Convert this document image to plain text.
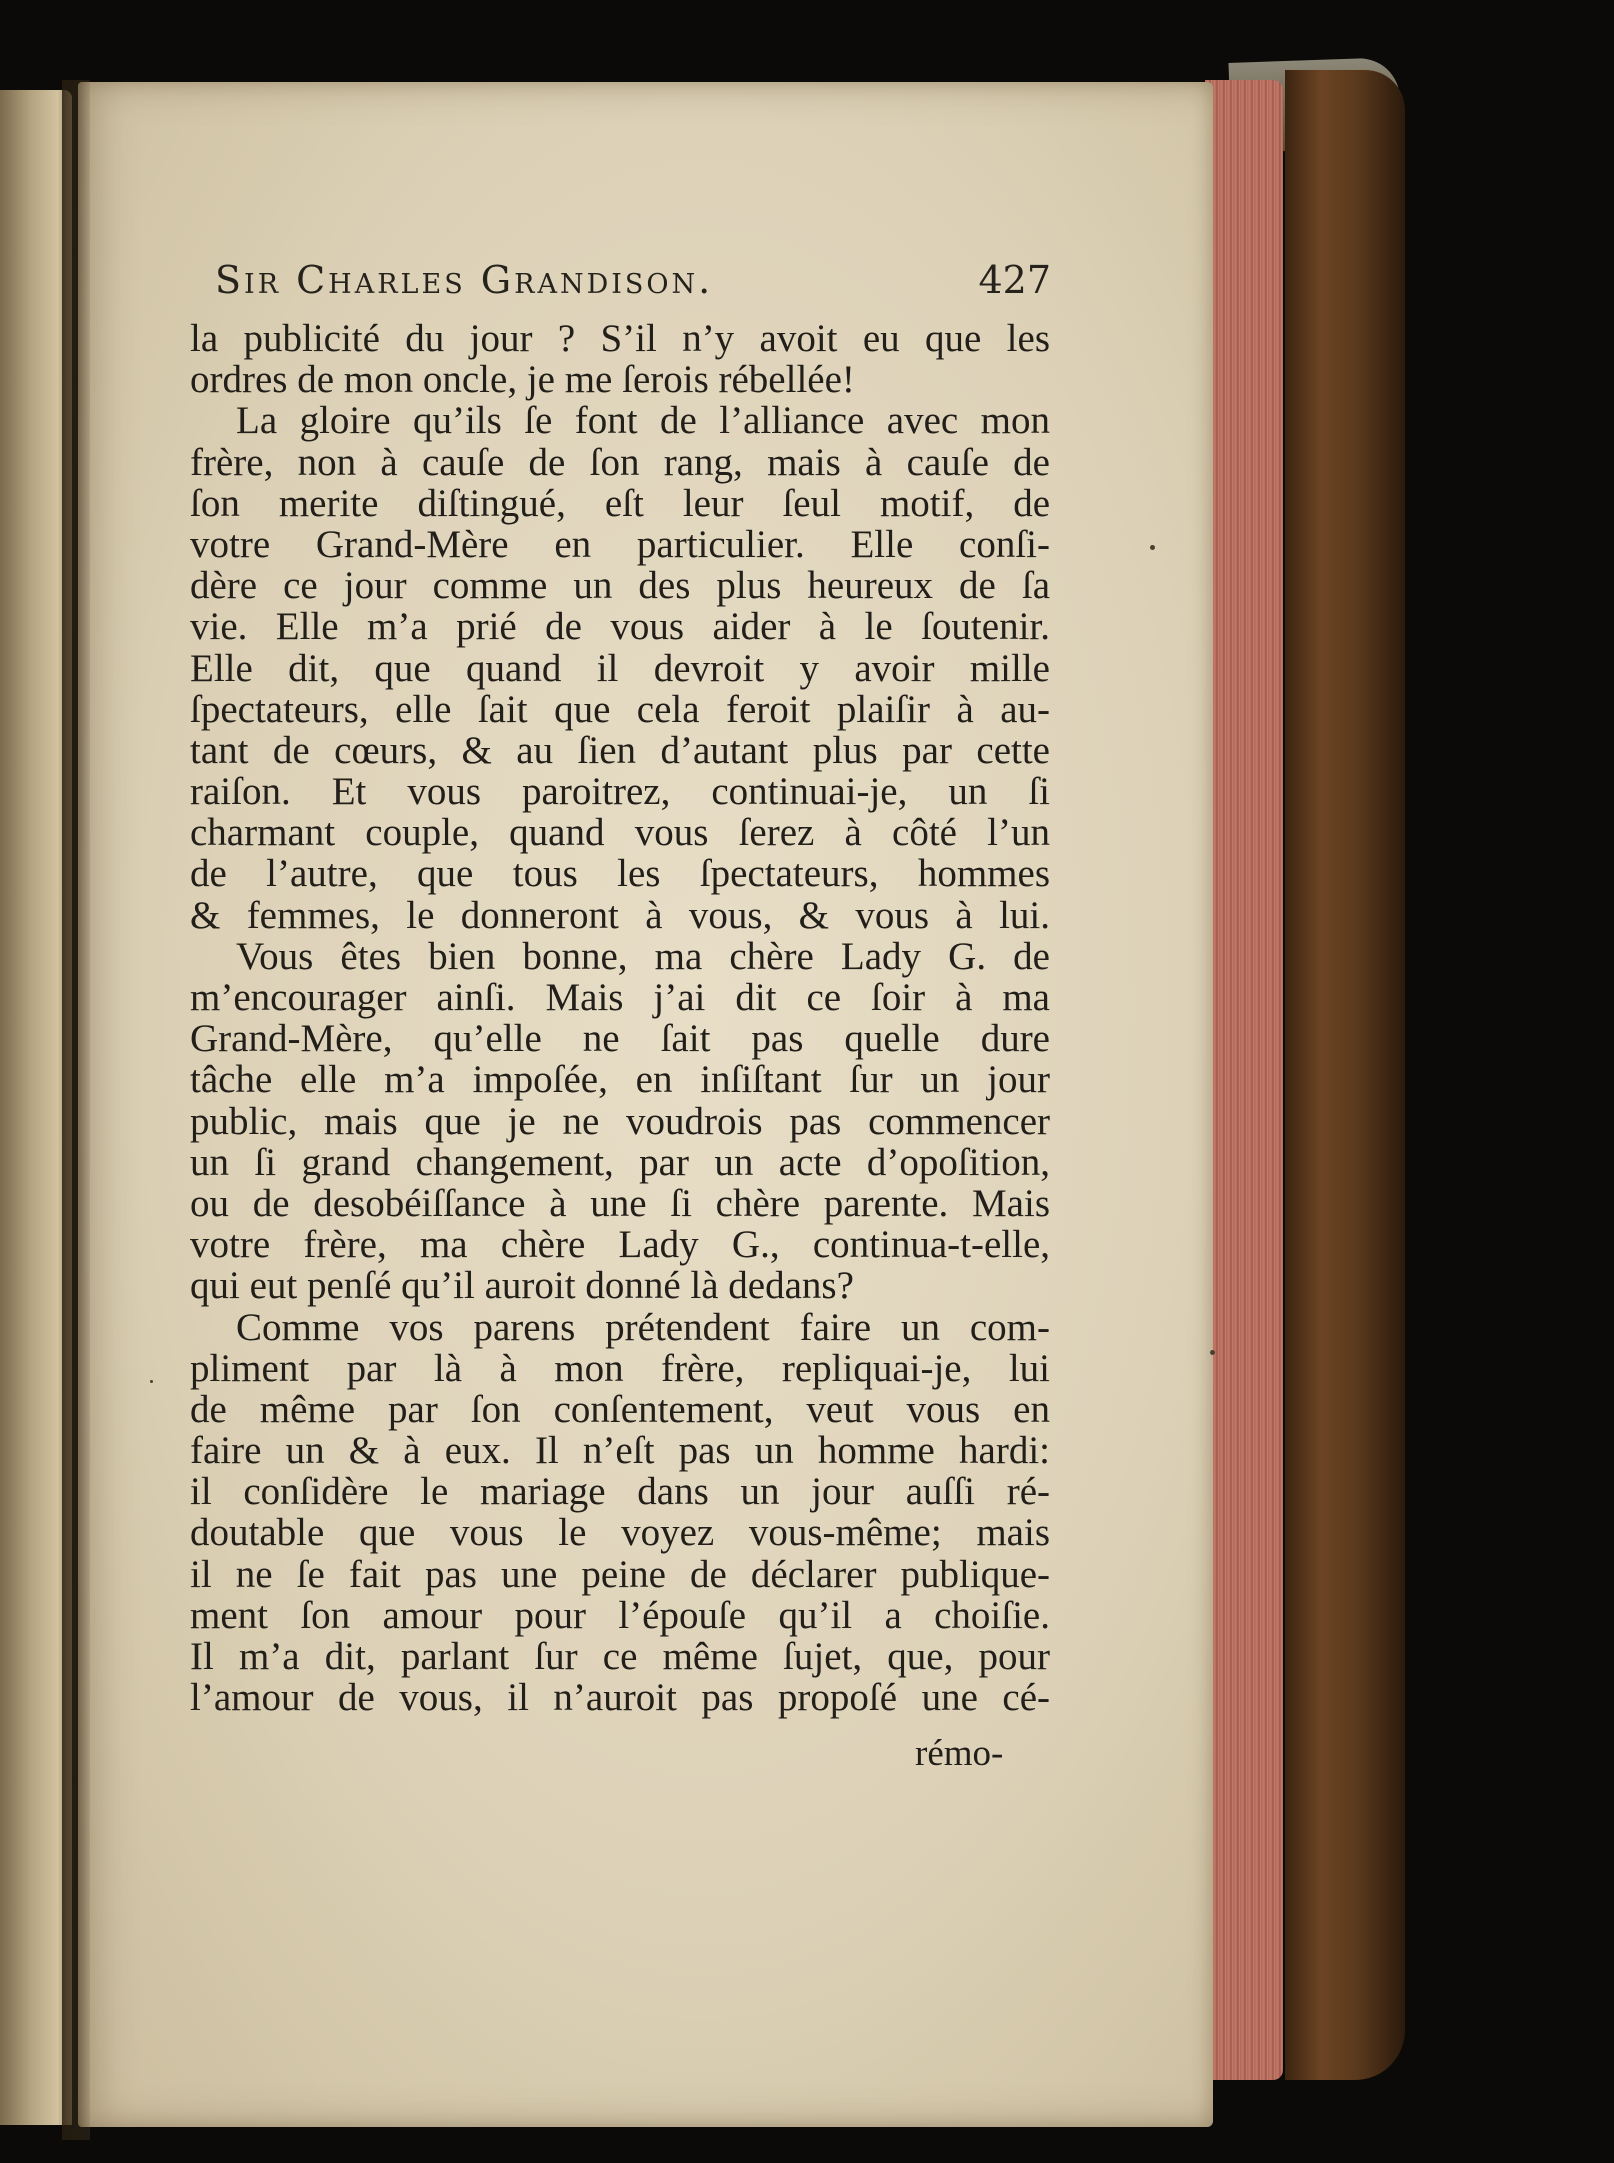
Sir Charles Grandison.	427
la publicité du jour ? S’il n’y avoit eu que les
ordres de mon oncle, je me ſerois rébellée!
La gloire qu’ils ſe font de l’alliance avec mon
frère, non à cauſe de ſon rang, mais à cauſe de
ſon merite diſtingué, eſt leur ſeul motif, de
votre Grand-Mère en particulier. Elle conſi-
dère ce jour comme un des plus heureux de ſa
vie. Elle m’a prié de vous aider à le ſoutenir.
Elle dit, que quand il devroit y avoir mille
ſpectateurs, elle ſait que cela feroit plaiſir à au-
tant de cœurs, & au ſien d’autant plus par cette
raiſon. Et vous paroitrez, continuai-je, un ſi
charmant couple, quand vous ſerez à côté l’un
de l’autre, que tous les ſpectateurs, hommes
& femmes, le donneront à vous, & vous à lui.
Vous êtes bien bonne, ma chère Lady G. de
m’encourager ainſi. Mais j’ai dit ce ſoir à ma
Grand-Mère, qu’elle ne ſait pas quelle dure
tâche elle m’a impoſée, en inſiſtant ſur un jour
public, mais que je ne voudrois pas commencer
un ſi grand changement, par un acte d’opoſition,
ou de desobéiſſance à une ſi chère parente. Mais
votre frère, ma chère Lady G., continua-t-elle,
qui eut penſé qu’il auroit donné là dedans?
Comme vos parens prétendent faire un com-
pliment par là à mon frère, repliquai-je, lui
de même par ſon conſentement, veut vous en
faire un & à eux. Il n’eſt pas un homme hardi:
il conſidère le mariage dans un jour auſſi ré-
doutable que vous le voyez vous-même; mais
il ne ſe fait pas une peine de déclarer publique-
ment ſon amour pour l’épouſe qu’il a choiſie.
Il m’a dit, parlant ſur ce même ſujet, que, pour
l’amour de vous, il n’auroit pas propoſé une cé-
rémo-
